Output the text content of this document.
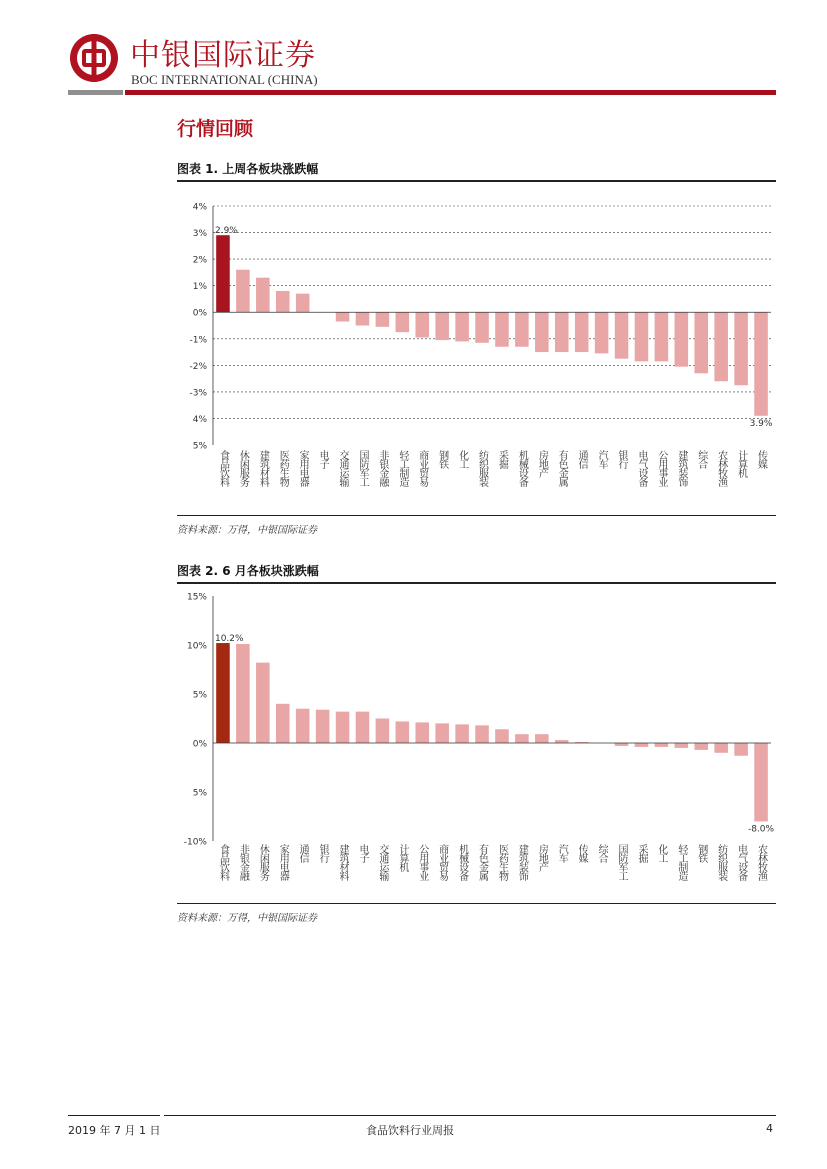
中银国际证券
BOC INTERNATIONAL (CHINA)
行情回顾
图表 1. 上周各板块涨跌幅
4%
3%
2%
1%
0%
-1%
-2%
-3%
4%
5%
食品饮料 休闲服务 建筑材料 医药生物 家用电器 电子 交通运输 国防军工 非银金融 轻工制造 商业贸易 钢铁 化工 纺织服装 采掘 机械设备 房地产 有色金属 通信 汽车 银行 电气设备 公用事业 建筑装饰 综合 农林牧渔 计算机 传媒
2.9%
3.9%
资料来源：万得，中银国际证券
图表 2. 6 月各板块涨跌幅
15%
10%
5%
0%
5%
-10%
食品饮料 非银金融 休闲服务 家用电器 通信 银行 建筑材料 电子 交通运输 计算机 公用事业 商业贸易 机械设备 有色金属 医药生物 建筑装饰 房地产 汽车 传媒 综合 国防军工 采掘 化工 轻工制造 钢铁 纺织服装 电气设备 农林牧渔
10.2%
-8.0%
资料来源：万得，中银国际证券
2019 年 7 月 1 日	食品饮料行业周报	4
